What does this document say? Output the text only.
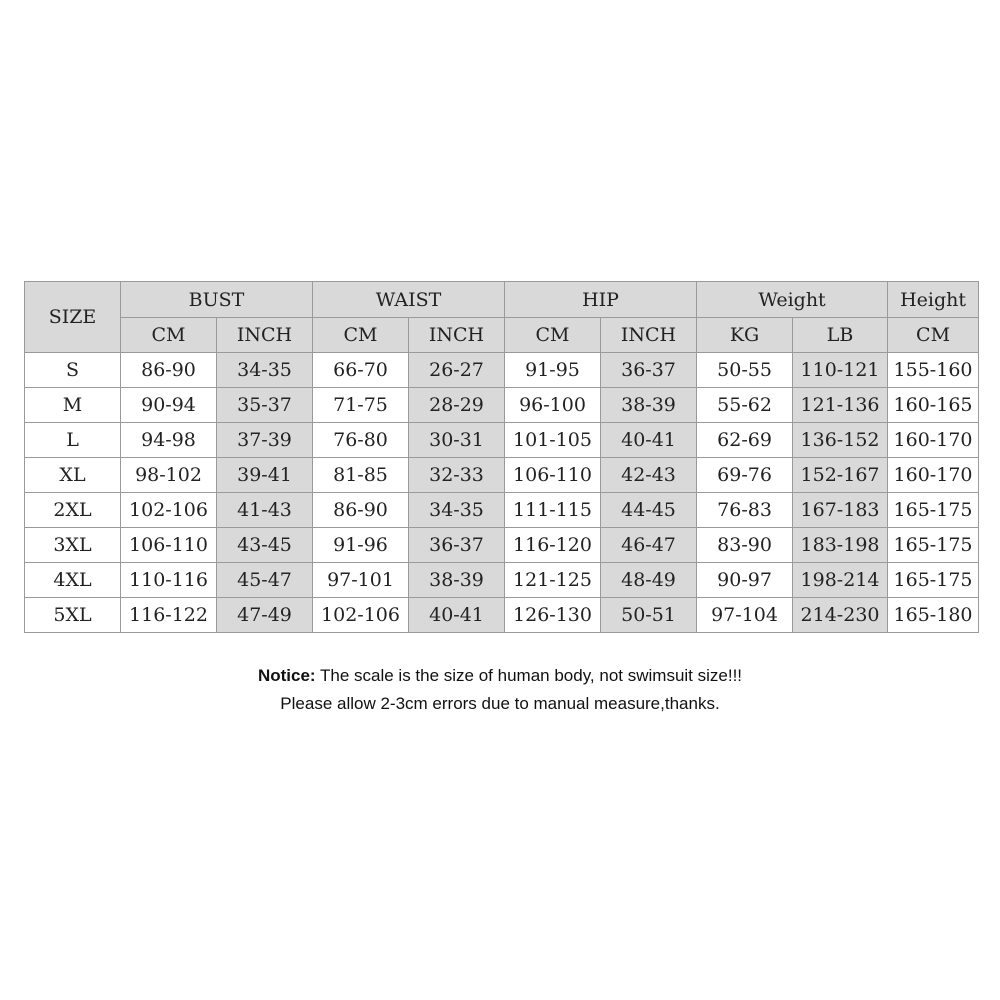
SIZE	BUST		WAIST		HIP		Weight		Height
	CM	INCH	CM	INCH	CM	INCH	KG	LB	CM
S	86-90	34-35	66-70	26-27	91-95	36-37	50-55	110-121	155-160
M	90-94	35-37	71-75	28-29	96-100	38-39	55-62	121-136	160-165
L	94-98	37-39	76-80	30-31	101-105	40-41	62-69	136-152	160-170
XL	98-102	39-41	81-85	32-33	106-110	42-43	69-76	152-167	160-170
2XL	102-106	41-43	86-90	34-35	111-115	44-45	76-83	167-183	165-175
3XL	106-110	43-45	91-96	36-37	116-120	46-47	83-90	183-198	165-175
4XL	110-116	45-47	97-101	38-39	121-125	48-49	90-97	198-214	165-175
5XL	116-122	47-49	102-106	40-41	126-130	50-51	97-104	214-230	165-180
Notice: The scale is the size of human body, not swimsuit size!!!
Please allow 2-3cm errors due to manual measure,thanks.
